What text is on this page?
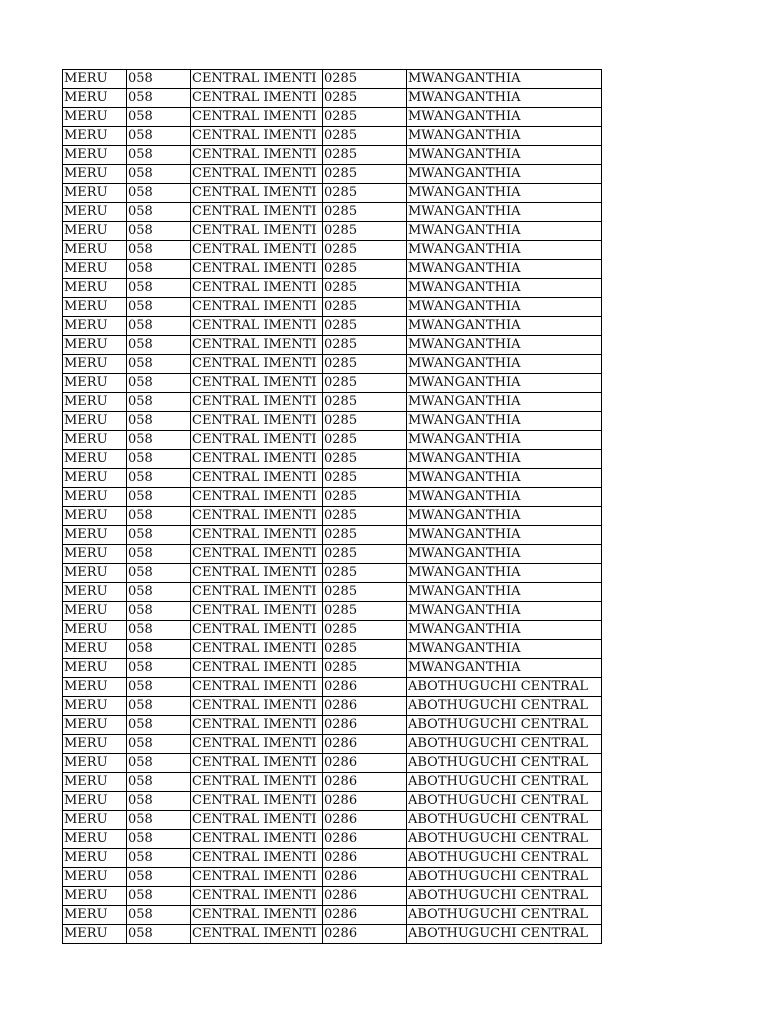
MERU	058	CENTRAL IMENTI	0285	MWANGANTHIA
MERU	058	CENTRAL IMENTI	0285	MWANGANTHIA
MERU	058	CENTRAL IMENTI	0285	MWANGANTHIA
MERU	058	CENTRAL IMENTI	0285	MWANGANTHIA
MERU	058	CENTRAL IMENTI	0285	MWANGANTHIA
MERU	058	CENTRAL IMENTI	0285	MWANGANTHIA
MERU	058	CENTRAL IMENTI	0285	MWANGANTHIA
MERU	058	CENTRAL IMENTI	0285	MWANGANTHIA
MERU	058	CENTRAL IMENTI	0285	MWANGANTHIA
MERU	058	CENTRAL IMENTI	0285	MWANGANTHIA
MERU	058	CENTRAL IMENTI	0285	MWANGANTHIA
MERU	058	CENTRAL IMENTI	0285	MWANGANTHIA
MERU	058	CENTRAL IMENTI	0285	MWANGANTHIA
MERU	058	CENTRAL IMENTI	0285	MWANGANTHIA
MERU	058	CENTRAL IMENTI	0285	MWANGANTHIA
MERU	058	CENTRAL IMENTI	0285	MWANGANTHIA
MERU	058	CENTRAL IMENTI	0285	MWANGANTHIA
MERU	058	CENTRAL IMENTI	0285	MWANGANTHIA
MERU	058	CENTRAL IMENTI	0285	MWANGANTHIA
MERU	058	CENTRAL IMENTI	0285	MWANGANTHIA
MERU	058	CENTRAL IMENTI	0285	MWANGANTHIA
MERU	058	CENTRAL IMENTI	0285	MWANGANTHIA
MERU	058	CENTRAL IMENTI	0285	MWANGANTHIA
MERU	058	CENTRAL IMENTI	0285	MWANGANTHIA
MERU	058	CENTRAL IMENTI	0285	MWANGANTHIA
MERU	058	CENTRAL IMENTI	0285	MWANGANTHIA
MERU	058	CENTRAL IMENTI	0285	MWANGANTHIA
MERU	058	CENTRAL IMENTI	0285	MWANGANTHIA
MERU	058	CENTRAL IMENTI	0285	MWANGANTHIA
MERU	058	CENTRAL IMENTI	0285	MWANGANTHIA
MERU	058	CENTRAL IMENTI	0285	MWANGANTHIA
MERU	058	CENTRAL IMENTI	0285	MWANGANTHIA
MERU	058	CENTRAL IMENTI	0286	ABOTHUGUCHI CENTRAL
MERU	058	CENTRAL IMENTI	0286	ABOTHUGUCHI CENTRAL
MERU	058	CENTRAL IMENTI	0286	ABOTHUGUCHI CENTRAL
MERU	058	CENTRAL IMENTI	0286	ABOTHUGUCHI CENTRAL
MERU	058	CENTRAL IMENTI	0286	ABOTHUGUCHI CENTRAL
MERU	058	CENTRAL IMENTI	0286	ABOTHUGUCHI CENTRAL
MERU	058	CENTRAL IMENTI	0286	ABOTHUGUCHI CENTRAL
MERU	058	CENTRAL IMENTI	0286	ABOTHUGUCHI CENTRAL
MERU	058	CENTRAL IMENTI	0286	ABOTHUGUCHI CENTRAL
MERU	058	CENTRAL IMENTI	0286	ABOTHUGUCHI CENTRAL
MERU	058	CENTRAL IMENTI	0286	ABOTHUGUCHI CENTRAL
MERU	058	CENTRAL IMENTI	0286	ABOTHUGUCHI CENTRAL
MERU	058	CENTRAL IMENTI	0286	ABOTHUGUCHI CENTRAL
MERU	058	CENTRAL IMENTI	0286	ABOTHUGUCHI CENTRAL
